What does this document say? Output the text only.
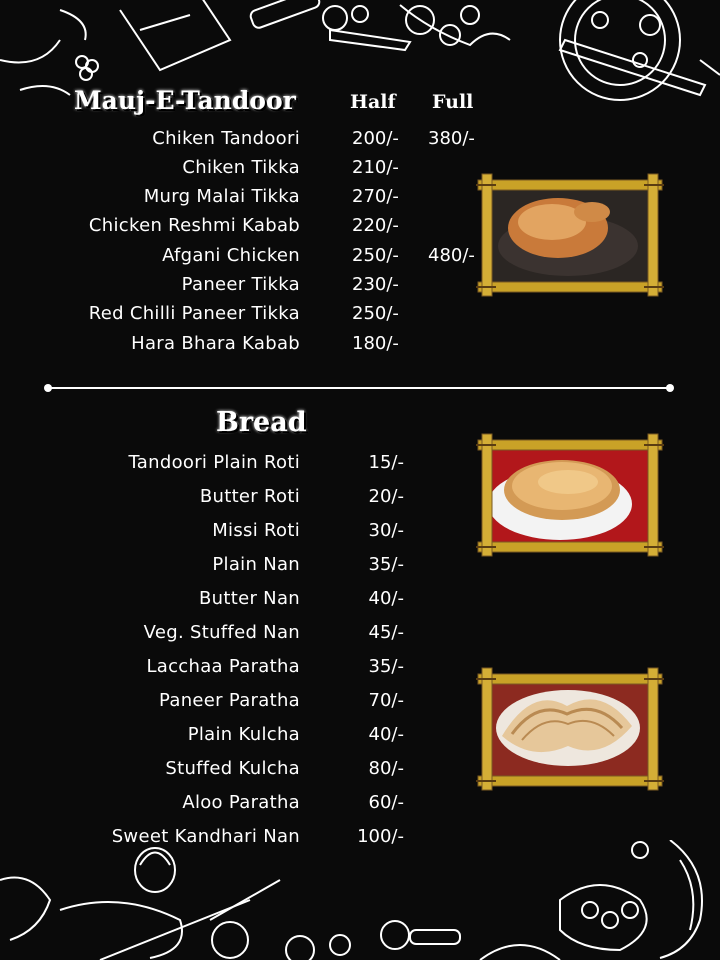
Mauj-E-Tandoor	Half Full
Chiken Tandoori	200/- 380/-
Chiken Tikka	210/-
Murg Malai Tikka	270/-
Chicken Reshmi Kabab	220/-
Afgani Chicken	250/- 480/-
Paneer Tikka	230/-
Red Chilli Paneer Tikka	250/-
Hara Bhara Kabab	180/-
Bread
Tandoori Plain Roti	15/-
Butter Roti	20/-
Missi Roti	30/-
Plain Nan	35/-
Butter Nan	40/-
Veg. Stuffed Nan	45/-
Lacchaa Paratha	35/-
Paneer Paratha	70/-
Plain Kulcha	40/-
Stuffed Kulcha	80/-
Aloo Paratha	60/-
Sweet Kandhari Nan	100/-
